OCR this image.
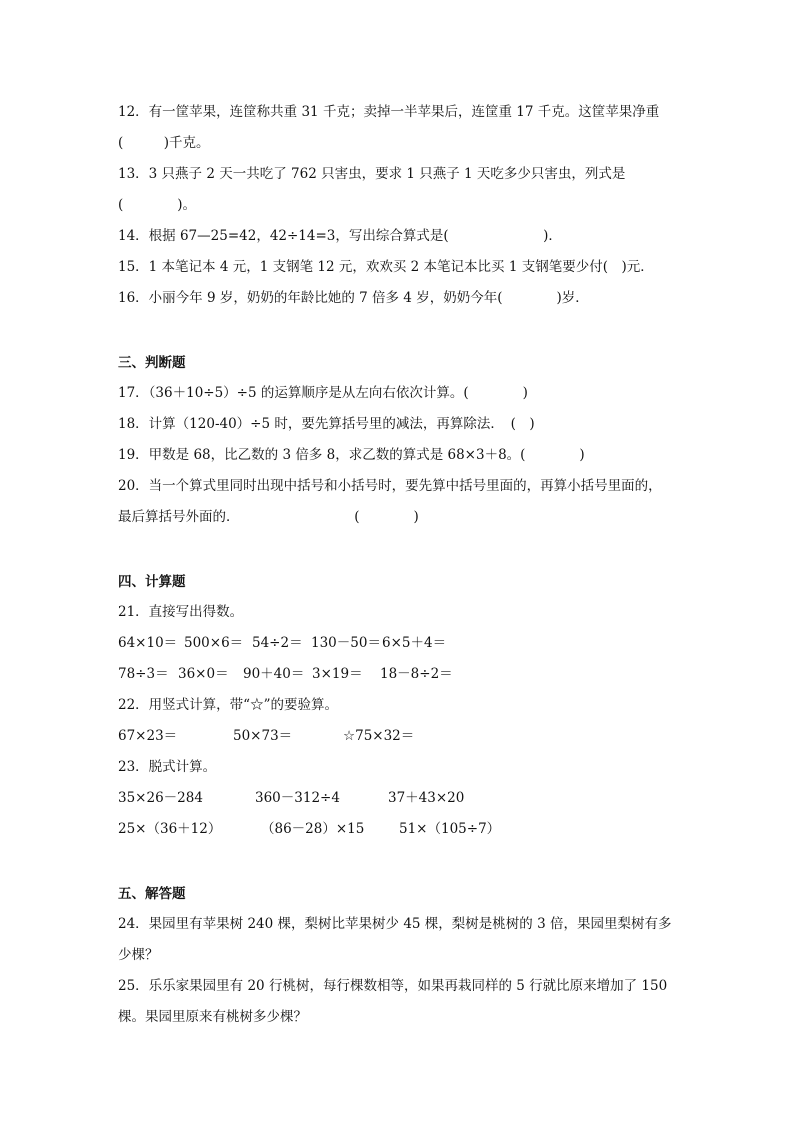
12．有一筐苹果，连筐称共重 31 千克；卖掉一半苹果后，连筐重 17 千克。这筐苹果净重
(　　　)千克。
13．3 只燕子 2 天一共吃了 762 只害虫，要求 1 只燕子 1 天吃多少只害虫，列式是
(　　　　)。
14．根据 67—25=42，42÷14=3，写出综合算式是(　　　　　　　)．
15．1 本笔记本 4 元，1 支钢笔 12 元，欢欢买 2 本笔记本比买 1 支钢笔要少付(　)元．
16．小丽今年 9 岁，奶奶的年龄比她的 7 倍多 4 岁，奶奶今年(　　　　)岁．
三、判断题
17．（36＋10÷5）÷5 的运算顺序是从左向右依次计算。(　　　　)
18．计算（120-40）÷5 时，要先算括号里的减法，再算除法．　(　)
19．甲数是 68，比乙数的 3 倍多 8，求乙数的算式是 68×3＋8。(　　　　)
20．当一个算式里同时出现中括号和小括号时，要先算中括号里面的，再算小括号里面的，
最后算括号外面的．　　　　　　　　　(　　　　)
四、计算题
21．直接写出得数。

64×10＝

500×6＝

54÷2＝

130－50＝

6×5＋4＝

78÷3＝

36×0＝

90＋40＝

3×19＝

18－8÷2＝

22．用竖式计算，带“☆”的要验算。

67×23＝

	50×73＝

	☆75×32＝

23．脱式计算。

35×26－284

	360－312÷4

	37＋43×20

25×（36＋12）

	（86－28）×15

	51×（105÷7）

五、解答题
24．果园里有苹果树 240 棵，梨树比苹果树少 45 棵，梨树是桃树的 3 倍，果园里梨树有多
少棵？
25．乐乐家果园里有 20 行桃树，每行棵数相等，如果再栽同样的 5 行就比原来增加了 150
棵。果园里原来有桃树多少棵？
